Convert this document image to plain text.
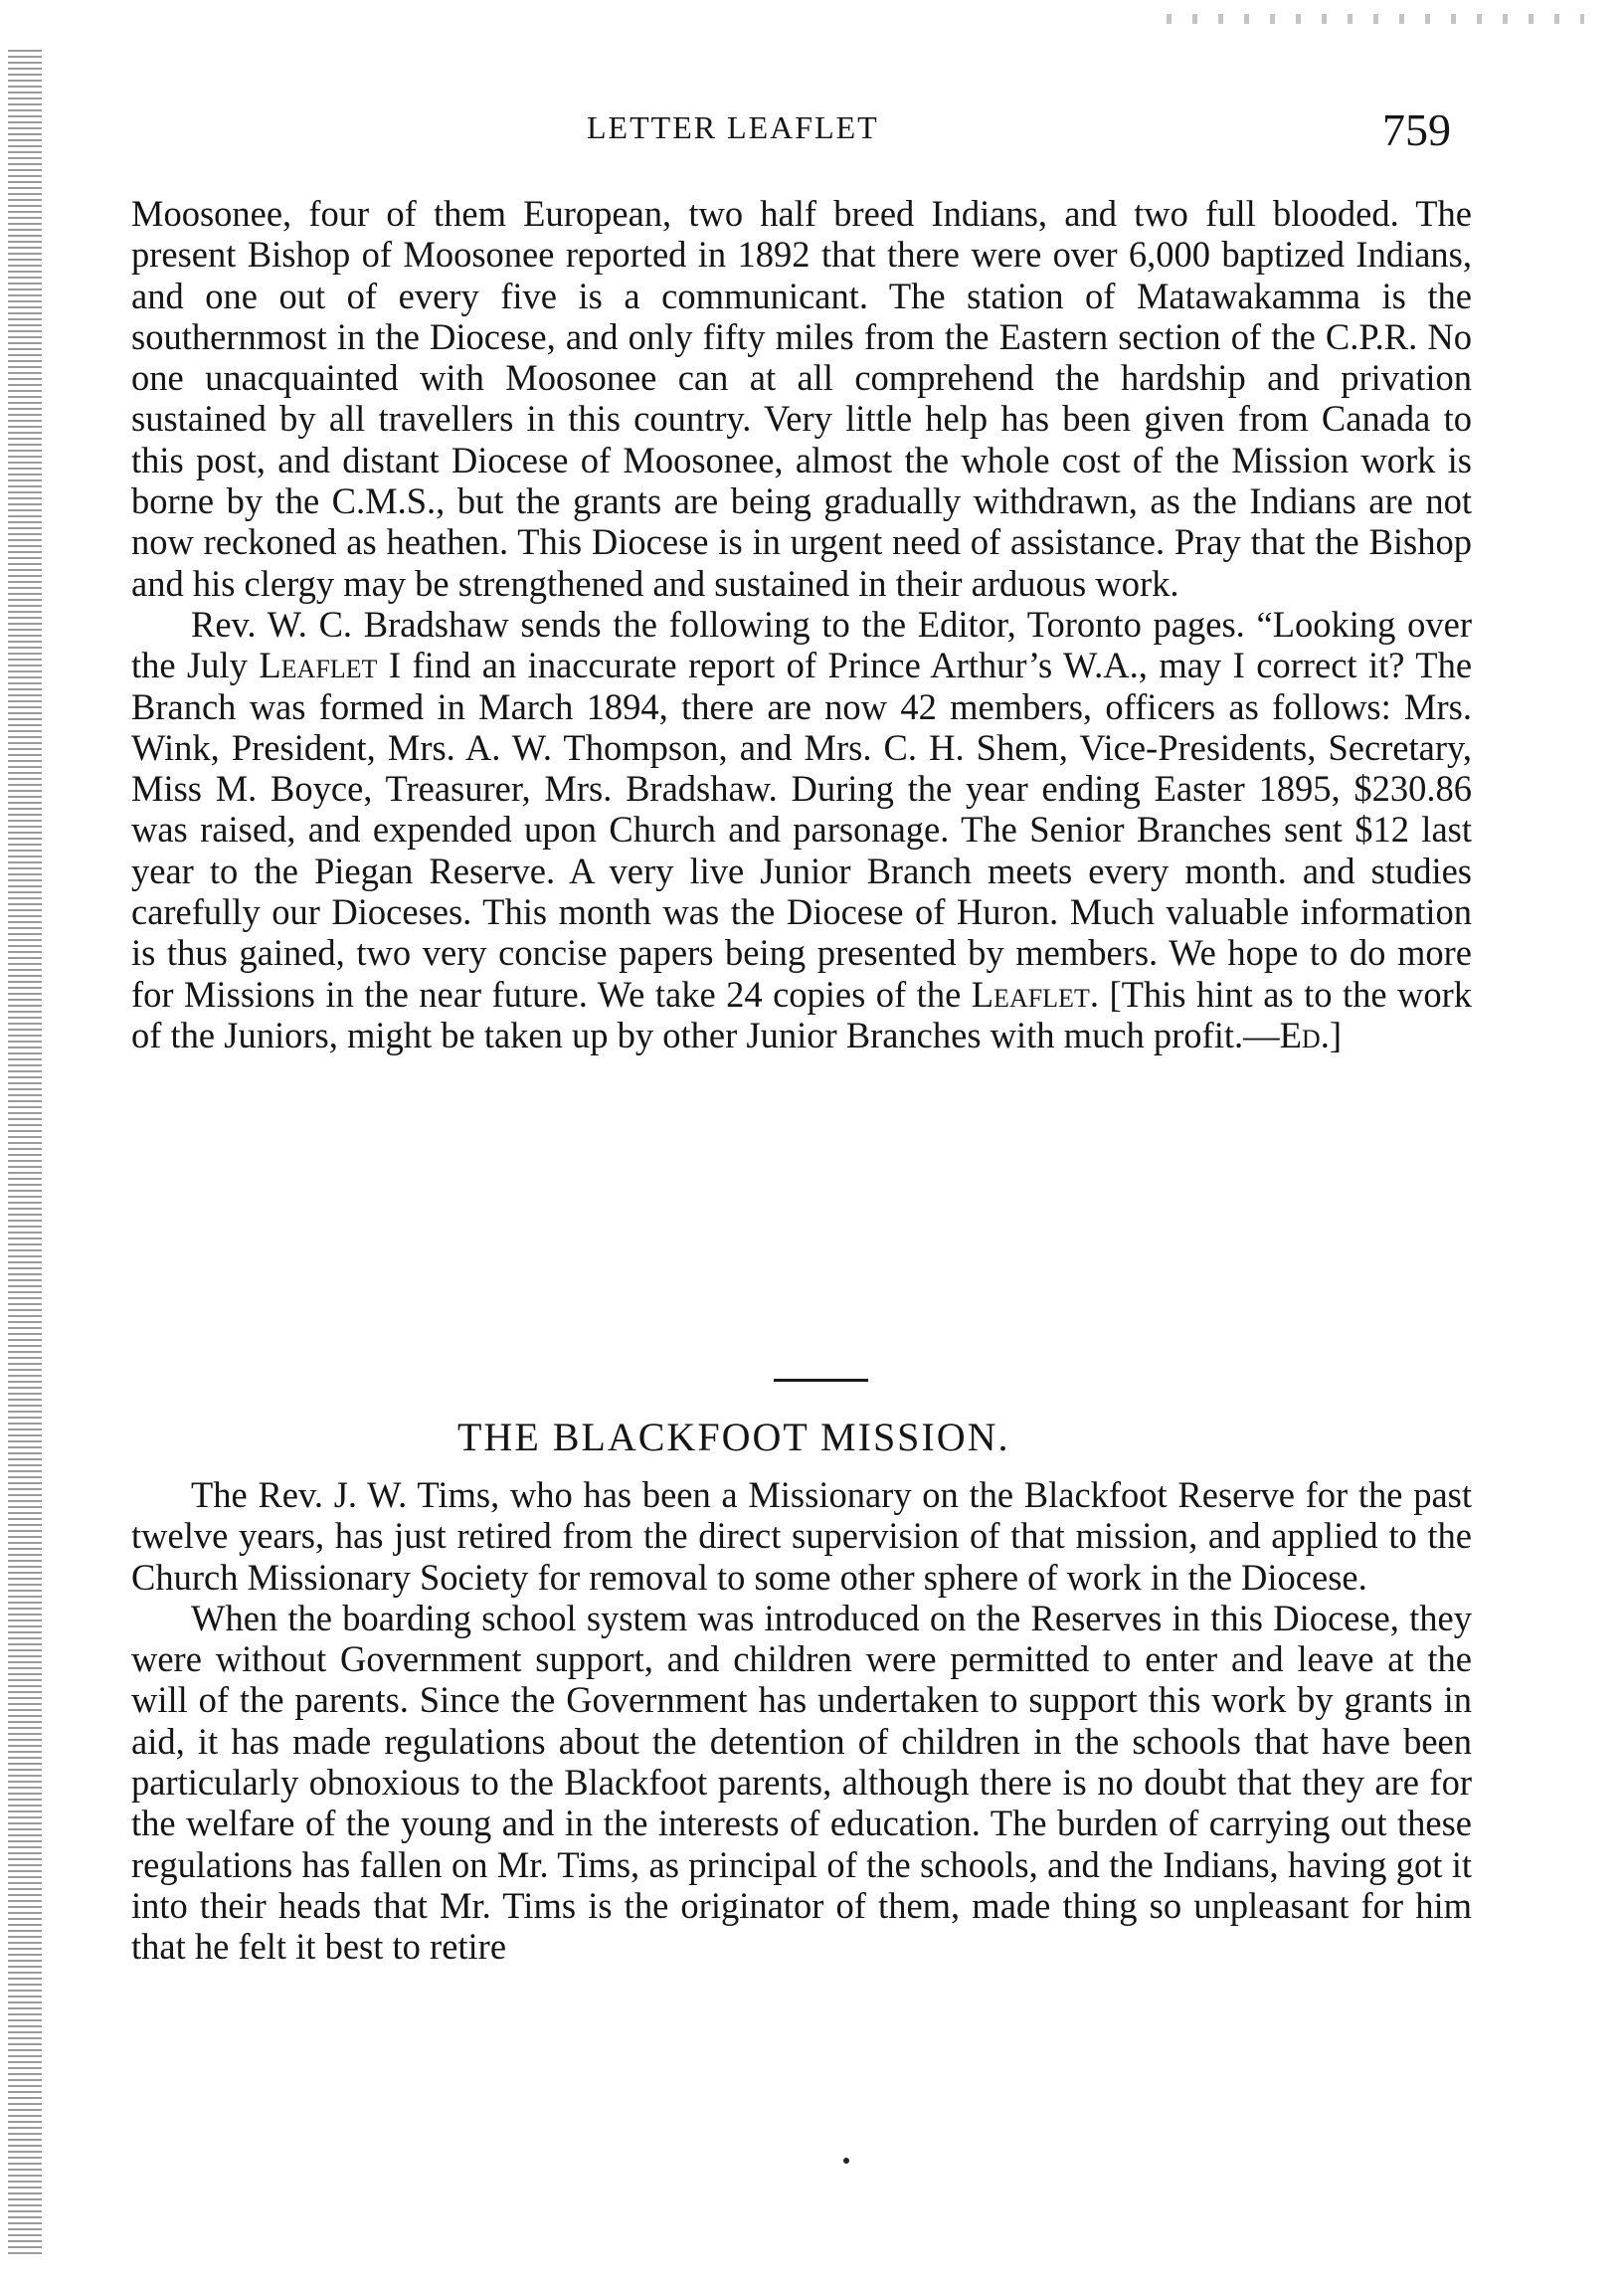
LETTER LEAFLET	759

Moosonee, four of them European, two half breed Indians, and two full blooded. The present Bishop of Moosonee reported in 1892 that there were over 6,000 baptized Indians, and one out of every five is a communicant. The station of Matawakamma is the southernmost in the Diocese, and only fifty miles from the Eastern section of the C.P.R. No one unacquainted with Moosonee can at all comprehend the hardship and privation sustained by all travellers in this country. Very little help has been given from Canada to this post, and distant Diocese of Moosonee, almost the whole cost of the Mission work is borne by the C.M.S., but the grants are being gradually withdrawn, as the Indians are not now reckoned as heathen. This Diocese is in urgent need of assistance. Pray that the Bishop and his clergy may be strengthened and sustained in their arduous work.

Rev. W. C. Bradshaw sends the following to the Editor, Toronto pages. “Looking over the July Leaflet I find an inaccurate report of Prince Arthur’s W.A., may I correct it? The Branch was formed in March 1894, there are now 42 members, officers as follows: Mrs. Wink, President, Mrs. A. W. Thompson, and Mrs. C. H. Shem, Vice-Presidents, Secretary, Miss M. Boyce, Treasurer, Mrs. Bradshaw. During the year ending Easter 1895, $230.86 was raised, and expended upon Church and parsonage. The Senior Branches sent $12 last year to the Piegan Reserve. A very live Junior Branch meets every month. and studies carefully our Dioceses. This month was the Diocese of Huron. Much valuable information is thus gained, two very concise papers being presented by members. We hope to do more for Missions in the near future. We take 24 copies of the Leaflet. [This hint as to the work of the Juniors, might be taken up by other Junior Branches with much profit.—Ed.]

THE BLACKFOOT MISSION.

The Rev. J. W. Tims, who has been a Missionary on the Blackfoot Reserve for the past twelve years, has just retired from the direct supervision of that mission, and applied to the Church Missionary Society for removal to some other sphere of work in the Diocese.

When the boarding school system was introduced on the Reserves in this Diocese, they were without Government support, and children were permitted to enter and leave at the will of the parents. Since the Government has undertaken to support this work by grants in aid, it has made regulations about the detention of children in the schools that have been particularly obnoxious to the Blackfoot parents, although there is no doubt that they are for the welfare of the young and in the interests of education. The burden of carrying out these regulations has fallen on Mr. Tims, as principal of the schools, and the Indians, having got it into their heads that Mr. Tims is the originator of them, made thing so unpleasant for him that he felt it best to retire
